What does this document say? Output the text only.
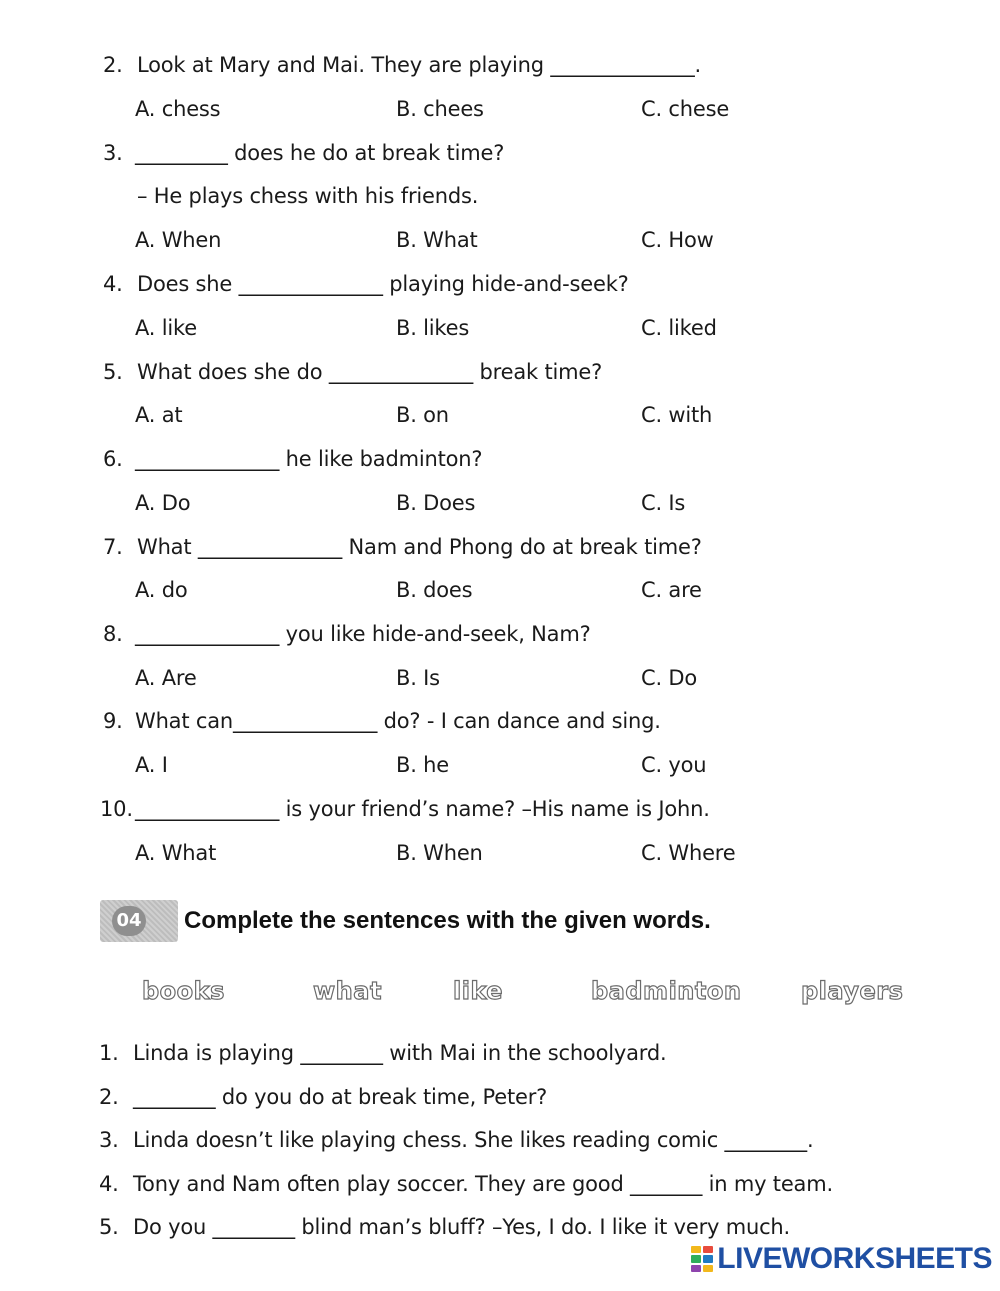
2. Look at Mary and Mai. They are playing ______________.
A. chess	B. chees	C. chese
3. _________ does he do at break time?
– He plays chess with his friends.
A. When	B. What	C. How
4. Does she ______________ playing hide-and-seek?
A. like	B. likes	C. liked
5. What does she do ______________ break time?
A. at	B. on	C. with
6. ______________ he like badminton?
A. Do	B. Does	C. Is
7. What ______________ Nam and Phong do at break time?
A. do	B. does	C. are
8. ______________ you like hide-and-seek, Nam?
A. Are	B. Is	C. Do
9. What can______________ do? - I can dance and sing.
A. I	B. he	C. you
10. ______________ is your friend’s name? –His name is John.
A. What	B. When	C. Where
04 Complete the sentences with the given words.
books	what	like	badminton players
1. Linda is playing ________ with Mai in the schoolyard.
2. ________ do you do at break time, Peter?
3. Linda doesn’t like playing chess. She likes reading comic ________.
4. Tony and Nam often play soccer. They are good _______ in my team.
5. Do you ________ blind man’s bluff? –Yes, I do. I like it very much.
LIVEWORKSHEETS
